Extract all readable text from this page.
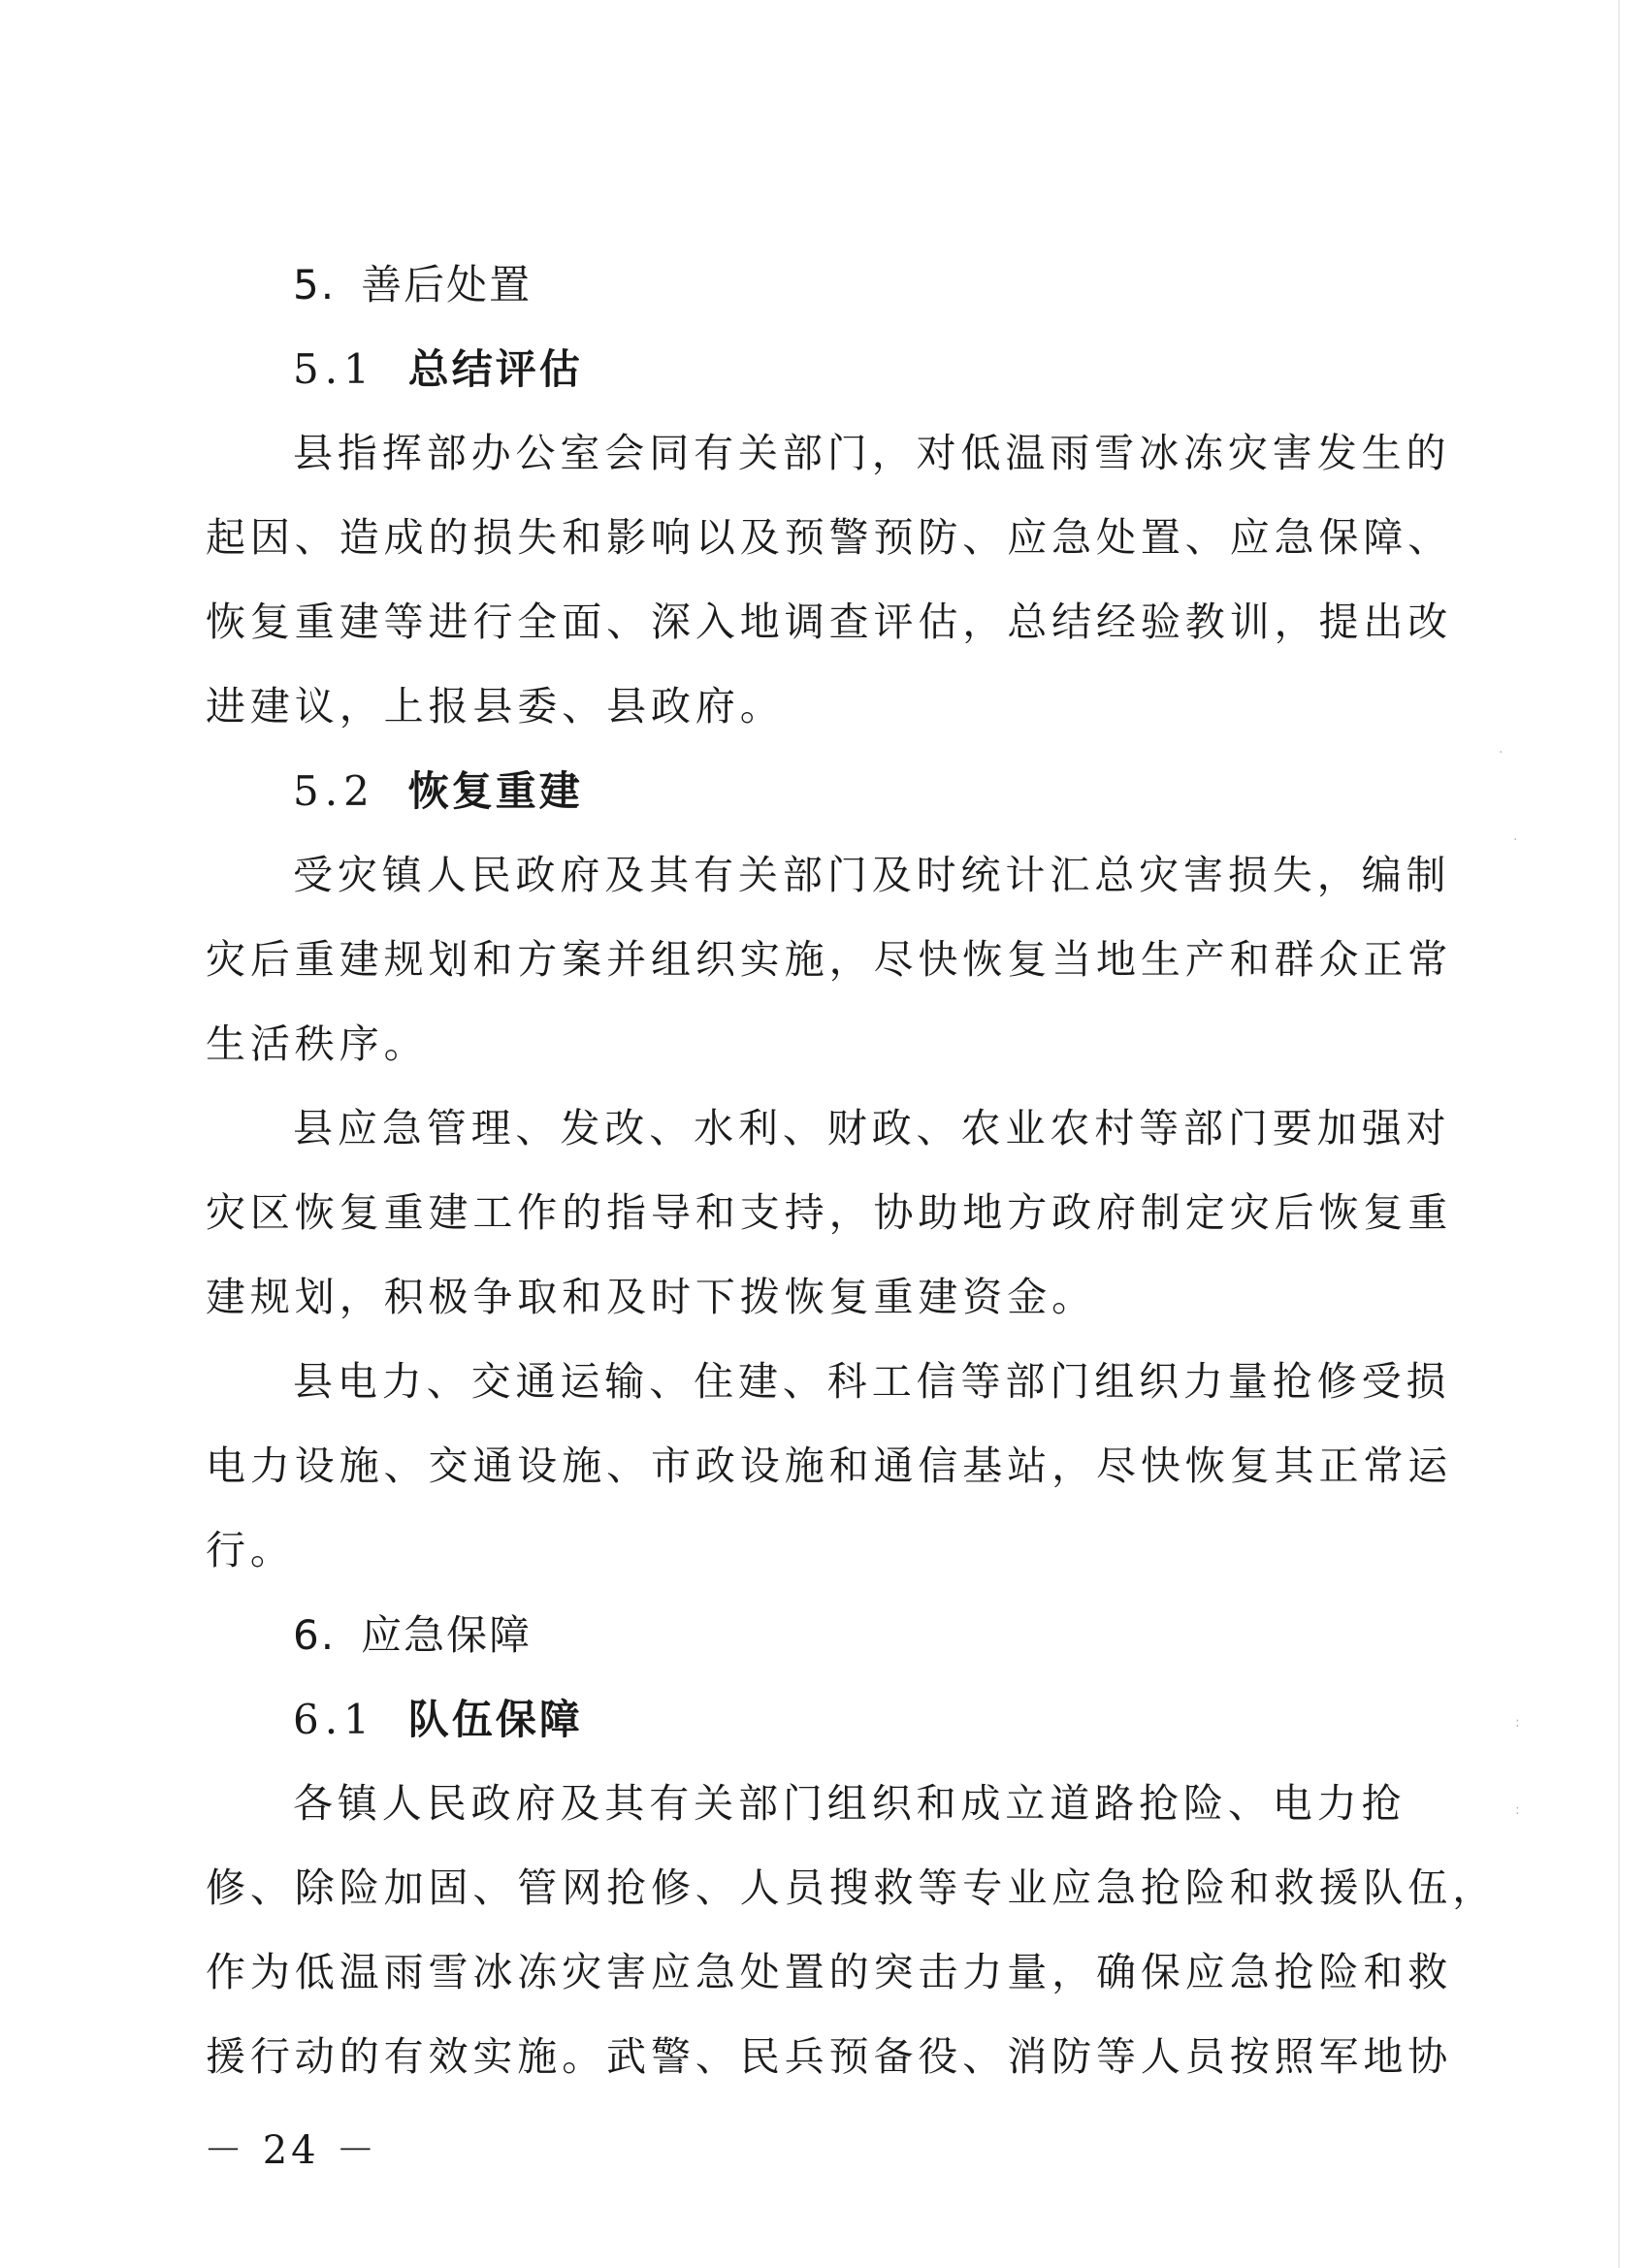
5. 善后处置
5.1 总结评估
县指挥部办公室会同有关部门，对低温雨雪冰冻灾害发生的
起因、造成的损失和影响以及预警预防、应急处置、应急保障、
恢复重建等进行全面、深入地调查评估，总结经验教训，提出改
进建议，上报县委、县政府。
5.2 恢复重建
受灾镇人民政府及其有关部门及时统计汇总灾害损失，编制
灾后重建规划和方案并组织实施，尽快恢复当地生产和群众正常
生活秩序。
县应急管理、发改、水利、财政、农业农村等部门要加强对
灾区恢复重建工作的指导和支持，协助地方政府制定灾后恢复重
建规划，积极争取和及时下拨恢复重建资金。
县电力、交通运输、住建、科工信等部门组织力量抢修受损
电力设施、交通设施、市政设施和通信基站，尽快恢复其正常运
行。
6. 应急保障
6.1 队伍保障
各镇人民政府及其有关部门组织和成立道路抢险、电力抢
修、除险加固、管网抢修、人员搜救等专业应急抢险和救援队伍，
作为低温雨雪冰冻灾害应急处置的突击力量，确保应急抢险和救
援行动的有效实施。武警、民兵预备役、消防等人员按照军地协
－ 24 －
·
·
:
:
